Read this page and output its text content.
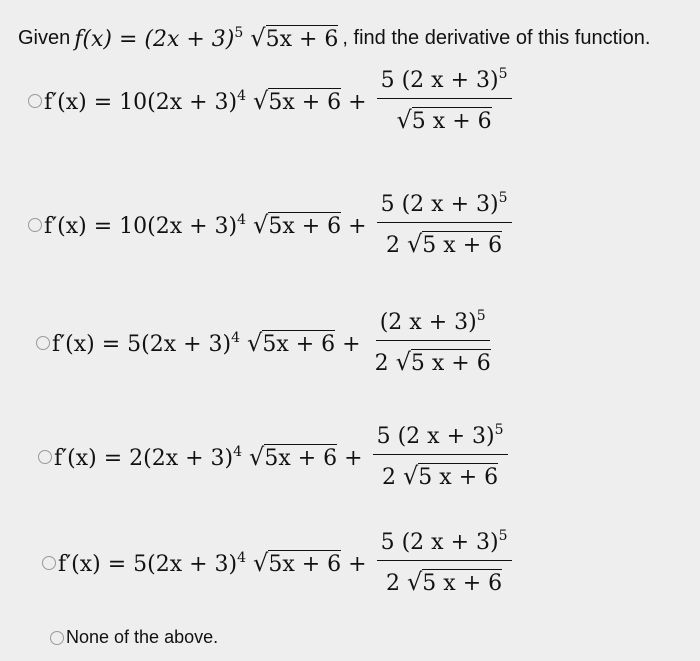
Given $f(x) = (2x + 3)^5$ √5x + 6 , find the derivative of this function.
$f'(x) = 10(2x + 3)^4$ $√5x + 6 + \frac{5 (2 x + 3)^5}{√5 x + 6}$
$f'(x) = 10(2x + 3)^4$ $√5x + 6 + \frac{5 (2 x + 3)^5}{2 √5 x + 6}$
$f'(x) = 5(2x + 3)^4$ $√5x + 6 + \frac{(2 x + 3)^5}{2 √5 x + 6}$
$f'(x) = 2(2x + 3)^4$ $√5x + 6 + \frac{5 (2 x + 3)^5}{2 √5 x + 6}$
$f'(x) = 5(2x + 3)^4$ $√5x + 6 + \frac{5 (2 x + 3)^5}{2 √5 x + 6}$
None of the above.
